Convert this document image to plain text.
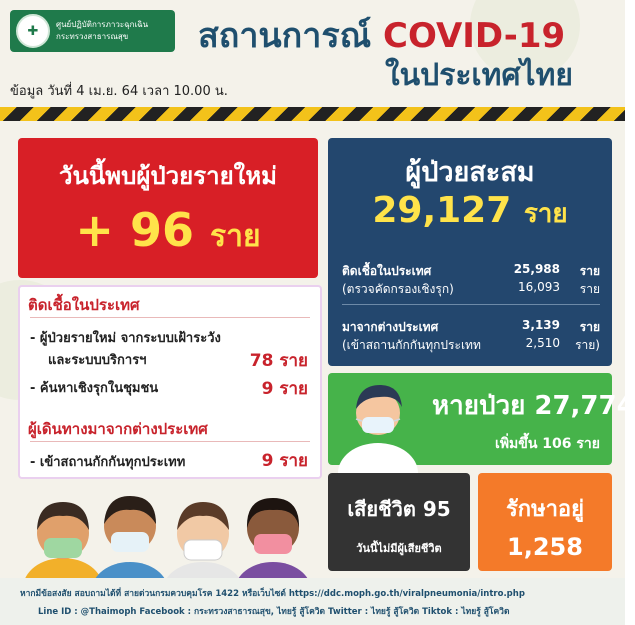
✚	ศูนย์ปฏิบัติการภาวะฉุกเฉิน
กระทรวงสาธารณสุข	สถานการณ์ COVID-19
ในประเทศไทย
ข้อมูล วันที่ 4 เม.ย. 64 เวลา 10.00 น.
วันนี้พบผู้ป่วยรายใหม่
+ 96 ราย
ติดเชื้อในประเทศ
- ผู้ป่วยรายใหม่ จากระบบเฝ้าระวัง
และระบบบริการฯ	78 ราย
- ค้นหาเชิงรุกในชุมชน	9 ราย
ผู้เดินทางมาจากต่างประเทศ
- เข้าสถานกักกันทุกประเทท	9 ราย
ผู้ป่วยสะสม
29,127 ราย
ติดเชื้อในประเทศ	25,988 ราย
(ตรวจคัดกรองเชิงรุก)	16,093 ราย
มาจากต่างประเทศ	3,139 ราย
(เข้าสถานกักกันทุกประเทท	2,510 ราย)
หายป่วย 27,774
เพิ่มขึ้น 106 ราย
เสียชีวิต 95
วันนี้ไม่มีผู้เสียชีวิต
รักษาอยู่
1,258
หากมีข้อสงสัย สอบถามได้ที่ สายด่วนกรมควบคุมโรค 1422 หรือเว็บไซต์ https://ddc.moph.go.th/viralpneumonia/intro.php
Line ID : @Thaimoph Facebook : กระทรวงสาธารณสุข, ไทยรู้ สู้โควิด Twitter : ไทยรู้ สู้โควิด Tiktok : ไทยรู้ สู้โควิด
